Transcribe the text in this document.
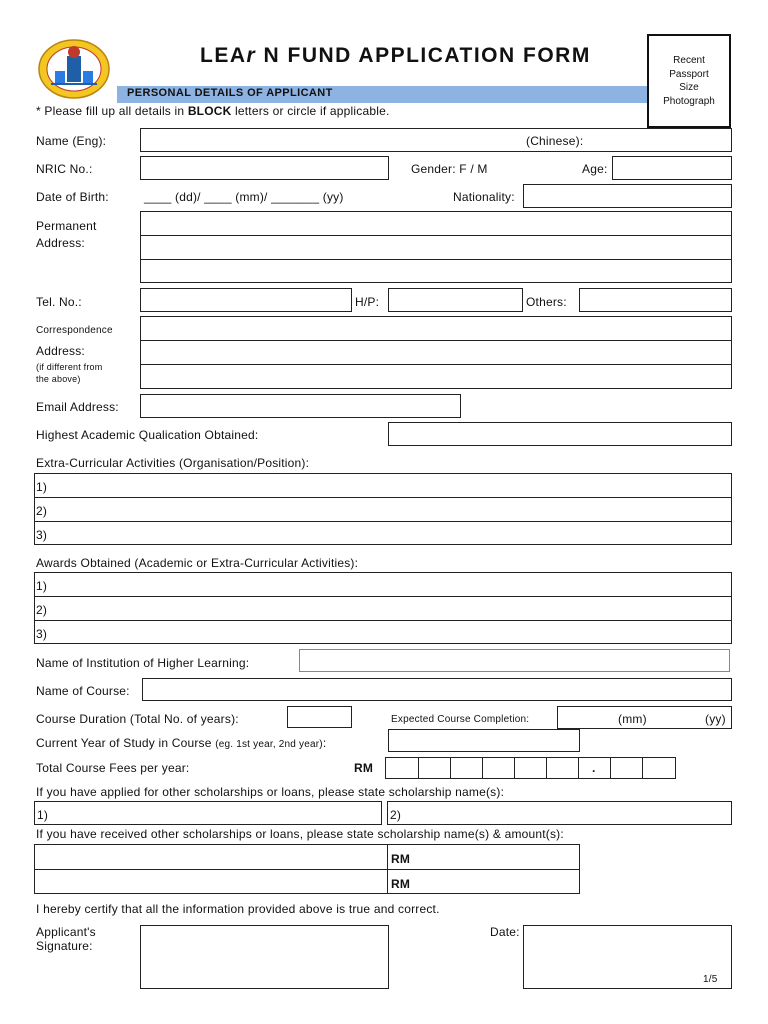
LEAr N FUND APPLICATION FORM
PERSONAL DETAILS OF APPLICANT
Recent
Passport
Size
Photograph
* Please fill up all details in BLOCK letters or circle if applicable.
Name (Eng):	(Chinese):
NRIC No.:	Gender: F / M	Age:
Date of Birth:	____ (dd)/ ____ (mm)/ _______ (yy)	Nationality:
Permanent
Address:
Tel. No.:	H/P:	Others:
Correspondence
Address:
(if different from
the above)
Email Address:
Highest Academic Qualication Obtained:
Extra-Curricular Activities (Organisation/Position):
1)
2)
3)
Awards Obtained (Academic or Extra-Curricular Activities):
1)
2)
3)
Name of Institution of Higher Learning:
Name of Course:
Course Duration (Total No. of years):	Expected Course Completion:	(mm)	(yy)
Current Year of Study in Course (eg. 1st year, 2nd year):
Total Course Fees per year:	RM	.
If you have applied for other scholarships or loans, please state scholarship name(s):
1)	2)
If you have received other scholarships or loans, please state scholarship name(s) & amount(s):
RM
RM
I hereby certify that all the information provided above is true and correct.
Applicant's
Signature:
Date:
1/5
